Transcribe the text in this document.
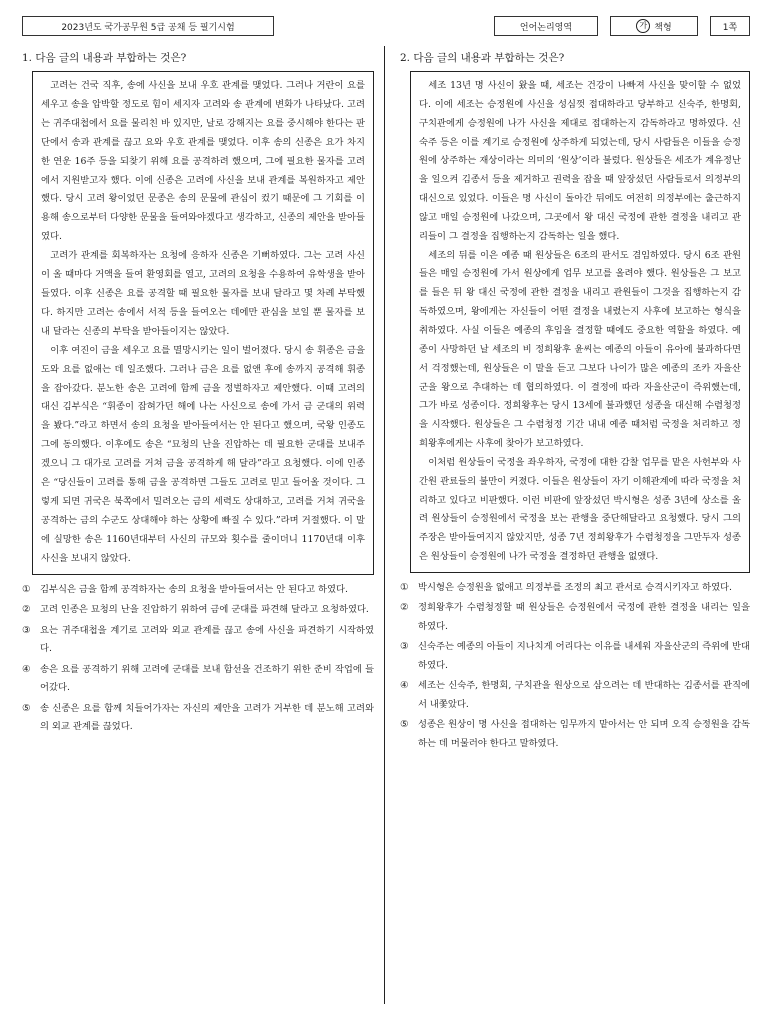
2023년도 국가공무원 5급 공채 등 필기시험	언어논리영역	가 책형	1쪽
1. 다음 글의 내용과 부합하는 것은?

고려는 건국 직후, 송에 사신을 보내 우호 관계를 맺었다. 그러나 거란이 요를 세우고 송을 압박할 정도로 힘이 세지자 고려와 송 관계에 변화가 나타났다. 고려는 귀주대첩에서 요를 물리친 바 있지만, 날로 강해지는 요를 중시해야 한다는 판단에서 송과 관계를 끊고 요와 우호 관계를 맺었다. 이후 송의 신종은 요가 차지한 연운 16주 등을 되찾기 위해 요를 공격하려 했으며, 그에 필요한 물자를 고려에서 지원받고자 했다. 이에 신종은 고려에 사신을 보내 관계를 복원하자고 제안했다. 당시 고려 왕이었던 문종은 송의 문물에 관심이 컸기 때문에 그 기회를 이용해 송으로부터 다양한 문물을 들여와야겠다고 생각하고, 신종의 제안을 받아들였다.

고려가 관계를 회복하자는 요청에 응하자 신종은 기뻐하였다. 그는 고려 사신이 올 때마다 거액을 들여 환영회를 열고, 고려의 요청을 수용하여 유학생을 받아들였다. 이후 신종은 요를 공격할 때 필요한 물자를 보내 달라고 몇 차례 부탁했다. 하지만 고려는 송에서 서적 등을 들여오는 데에만 관심을 보일 뿐 물자를 보내 달라는 신종의 부탁을 받아들이지는 않았다.

이후 여진이 금을 세우고 요를 멸망시키는 일이 벌어졌다. 당시 송 휘종은 금을 도와 요를 없애는 데 일조했다. 그러나 금은 요를 없앤 후에 송까지 공격해 휘종을 잡아갔다. 분노한 송은 고려에 함께 금을 정벌하자고 제안했다. 이때 고려의 대신 김부식은 “휘종이 잡혀가던 해에 나는 사신으로 송에 가서 금 군대의 위력을 봤다.”라고 하면서 송의 요청을 받아들여서는 안 된다고 했으며, 국왕 인종도 그에 동의했다. 이후에도 송은 “묘청의 난을 진압하는 데 필요한 군대를 보내주겠으니 그 대가로 고려를 거쳐 금을 공격하게 해 달라”라고 요청했다. 이에 인종은 “당신들이 고려를 통해 금을 공격하면 그들도 고려로 믿고 들어올 것이다. 그렇게 되면 귀국은 북쪽에서 밀려오는 금의 세력도 상대하고, 고려를 거쳐 귀국을 공격하는 금의 수군도 상대해야 하는 상황에 빠질 수 있다.”라며 거절했다. 이 말에 실망한 송은 1160년대부터 사신의 규모와 횟수를 줄이더니 1170년대 이후 사신을 보내지 않았다.

①	김부식은 금을 함께 공격하자는 송의 요청을 받아들여서는 안 된다고 하였다.
②	고려 인종은 묘청의 난을 진압하기 위하여 금에 군대를 파견해 달라고 요청하였다.
③	요는 귀주대첩을 계기로 고려와 외교 관계를 끊고 송에 사신을 파견하기 시작하였다.
④	송은 요를 공격하기 위해 고려에 군대를 보내 함선을 건조하기 위한 준비 작업에 들어갔다.
⑤	송 신종은 요를 함께 치들어가자는 자신의 제안을 고려가 거부한 데 분노해 고려와의 외교 관계를 끊었다.
2. 다음 글의 내용과 부합하는 것은?

세조 13년 명 사신이 왔을 때, 세조는 건강이 나빠져 사신을 맞이할 수 없었다. 이에 세조는 승정원에 사신을 성심껏 접대하라고 당부하고 신숙주, 한명회, 구치관에게 승정원에 나가 사신을 제대로 접대하는지 감독하라고 명하였다. 신숙주 등은 이를 계기로 승정원에 상주하게 되었는데, 당시 사람들은 이들을 승정원에 상주하는 재상이라는 의미의 ‘원상’이라 불렀다. 원상들은 세조가 계유정난을 일으켜 김종서 등을 제거하고 권력을 잡을 때 앞장섰던 사람들로서 의정부의 대신으로 있었다. 이들은 명 사신이 돌아간 뒤에도 여전히 의정부에는 출근하지 않고 매일 승정원에 나갔으며, 그곳에서 왕 대신 국정에 관한 결정을 내리고 관리들이 그 결정을 집행하는지 감독하는 일을 했다.

세조의 뒤를 이은 예종 때 원상들은 6조의 판서도 겸임하였다. 당시 6조 관원들은 매일 승정원에 가서 원상에게 업무 보고를 올려야 했다. 원상들은 그 보고를 들은 뒤 왕 대신 국정에 관한 결정을 내리고 관원들이 그것을 집행하는지 감독하였으며, 왕에게는 자신들이 어떤 결정을 내렸는지 사후에 보고하는 형식을 취하였다. 사실 이들은 예종의 후임을 결정할 때에도 중요한 역할을 하였다. 예종이 사망하던 날 세조의 비 정희왕후 윤씨는 예종의 아들이 유아에 불과하다면서 걱정했는데, 원상들은 이 말을 듣고 그보다 나이가 많은 예종의 조카 자을산군을 왕으로 추대하는 데 협의하였다. 이 결정에 따라 자을산군이 즉위했는데, 그가 바로 성종이다. 정희왕후는 당시 13세에 불과했던 성종을 대신해 수렴청정을 시작했다. 원상들은 그 수렴청정 기간 내내 예종 때처럼 국정을 처리하고 정희왕후에게는 사후에 찾아가 보고하였다.

이처럼 원상들이 국정을 좌우하자, 국정에 대한 감찰 업무를 맡은 사헌부와 사간원 관료들의 불만이 커졌다. 이들은 원상들이 자기 이해관계에 따라 국정을 처리하고 있다고 비판했다. 이런 비판에 앞장섰던 박시형은 성종 3년에 상소를 올려 원상들이 승정원에서 국정을 보는 관행을 중단해달라고 요청했다. 당시 그의 주장은 받아들여지지 않았지만, 성종 7년 정희왕후가 수렴청정을 그만두자 성종은 원상들이 승정원에 나가 국정을 결정하던 관행을 없앴다.

①	박시형은 승정원을 없애고 의정부를 조정의 최고 관서로 승격시키자고 하였다.
②	정희왕후가 수렴청정할 때 원상들은 승정원에서 국정에 관한 결정을 내리는 일을 하였다.
③	신숙주는 예종의 아들이 지나치게 어리다는 이유를 내세워 자을산군의 즉위에 반대하였다.
④	세조는 신숙주, 한명회, 구치관을 원상으로 삼으려는 데 반대하는 김종서를 관직에서 내쫓았다.
⑤	성종은 원상이 명 사신을 접대하는 임무까지 맡아서는 안 되며 오직 승정원을 감독하는 데 머물러야 한다고 말하였다.
